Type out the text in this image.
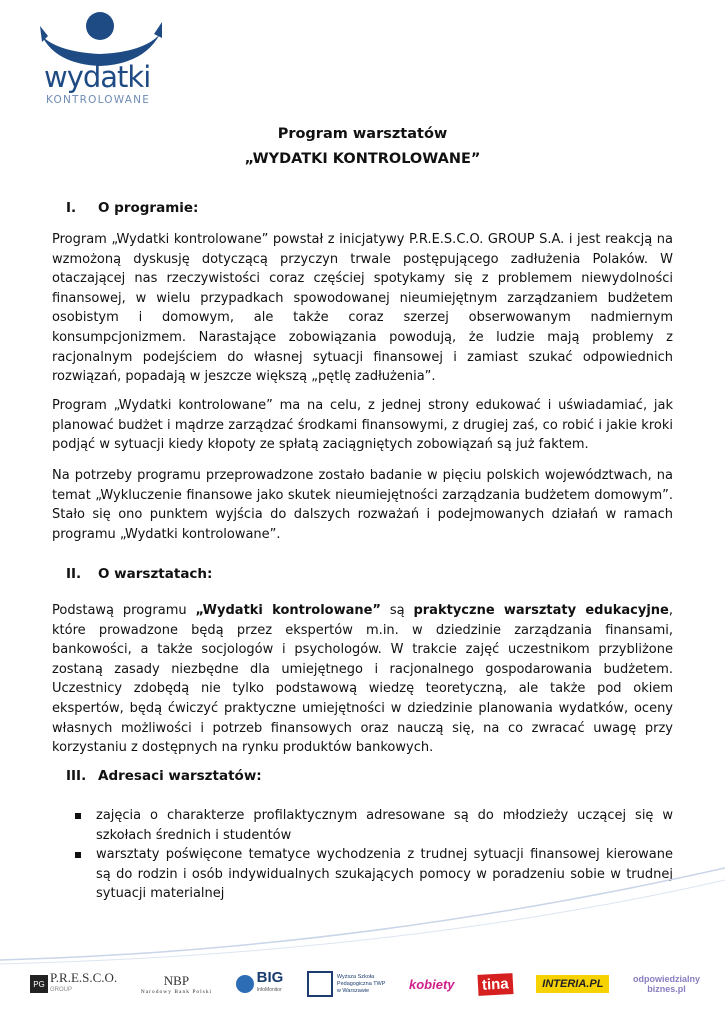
wydatki
KONTROLOWANE
Program warsztatów
„WYDATKI KONTROLOWANE”
I. O programie:

Program „Wydatki kontrolowane” powstał z inicjatywy P.R.E.S.C.O. GROUP S.A. i jest reakcją na wzmożoną dyskusję dotyczącą przyczyn trwale postępującego zadłużenia Polaków. W otaczającej nas rzeczywistości coraz częściej spotykamy się z problemem niewydolności finansowej, w wielu przypadkach spowodowanej nieumiejętnym zarządzaniem budżetem osobistym i domowym, ale także coraz szerzej obserwowanym nadmiernym konsumpcjonizmem. Narastające zobowiązania powodują, że ludzie mają problemy z racjonalnym podejściem do własnej sytuacji finansowej i zamiast szukać odpowiednich rozwiązań, popadają w jeszcze większą „pętlę zadłużenia”.

Program „Wydatki kontrolowane” ma na celu, z jednej strony edukować i uświadamiać, jak planować budżet i mądrze zarządzać środkami finansowymi, z drugiej zaś, co robić i jakie kroki podjąć w sytuacji kiedy kłopoty ze spłatą zaciągniętych zobowiązań są już faktem.

Na potrzeby programu przeprowadzone zostało badanie w pięciu polskich województwach, na temat „Wykluczenie finansowe jako skutek nieumiejętności zarządzania budżetem domowym”. Stało się ono punktem wyjścia do dalszych rozważań i podejmowanych działań w ramach programu „Wydatki kontrolowane”.

II. O warsztatach:

Podstawą programu „Wydatki kontrolowane” są praktyczne warsztaty edukacyjne, które prowadzone będą przez ekspertów m.in. w dziedzinie zarządzania finansami, bankowości, a także socjologów i psychologów. W trakcie zajęć uczestnikom przybliżone zostaną zasady niezbędne dla umiejętnego i racjonalnego gospodarowania budżetem. Uczestnicy zdobędą nie tylko podstawową wiedzę teoretyczną, ale także pod okiem ekspertów, będą ćwiczyć praktyczne umiejętności w dziedzinie planowania wydatków, oceny własnych możliwości i potrzeb finansowych oraz nauczą się, na co zwracać uwagę przy korzystaniu z dostępnych na rynku produktów bankowych.

III. Adresaci warsztatów:
zajęcia o charakterze profilaktycznym adresowane są do młodzieży uczącej się w szkołach średnich i studentów
warsztaty poświęcone tematyce wychodzenia z trudnej sytuacji finansowej kierowane są do rodzin i osób indywidualnych szukających pomocy w poradzeniu sobie w trudnej sytuacji materialnej
PG P.R.E.S.C.O.
GROUP
NBP
Narodowy Bank Polski
BIG
InfoMonitor
Wyższa Szkoła
Pedagogiczna TWP
w Warszawie	kobiety tina	INTERIA.PL	odpowiedzialny
biznes.pl
